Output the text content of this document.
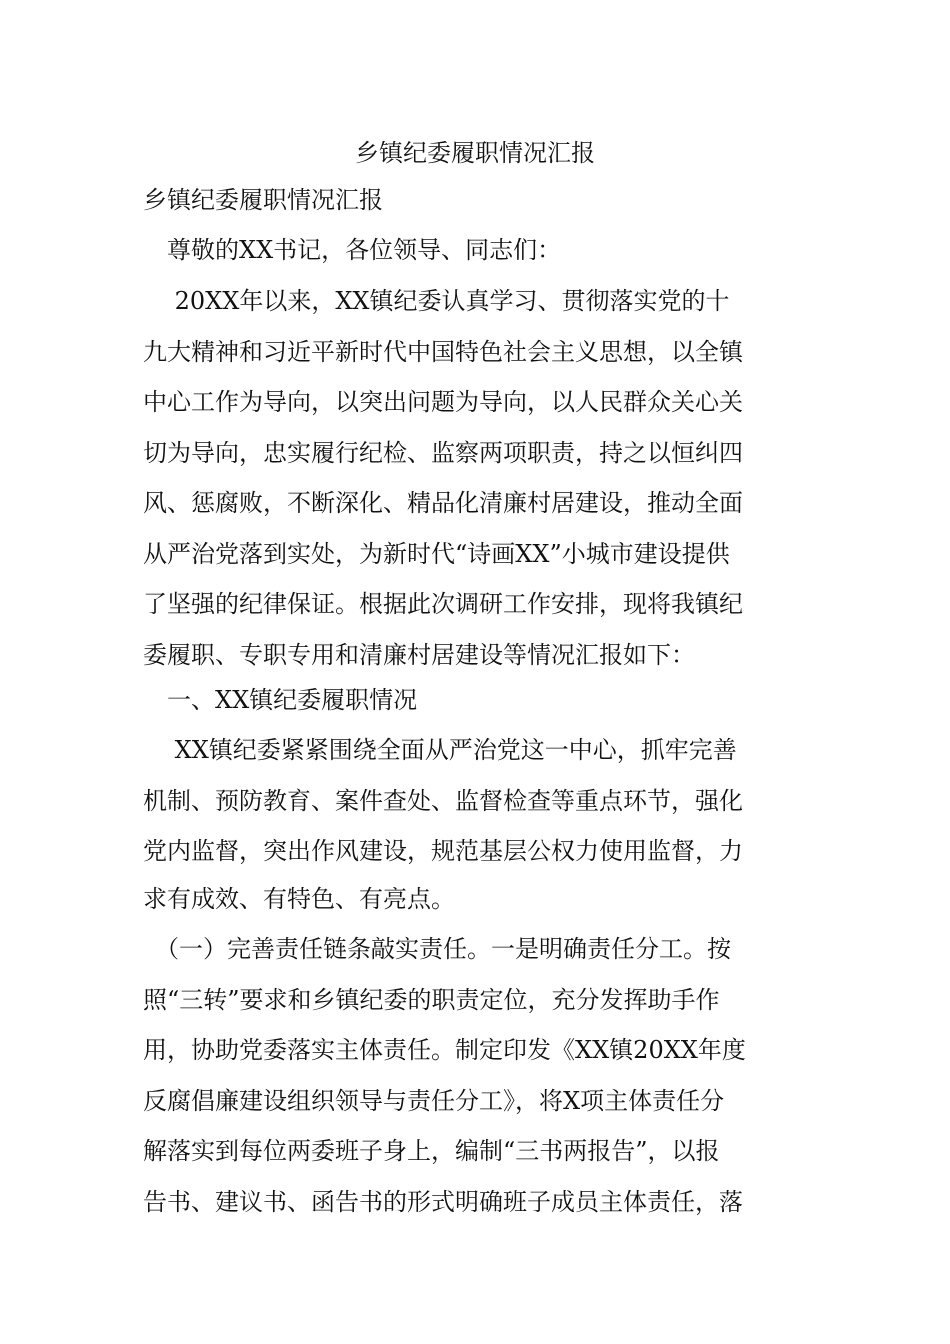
乡镇纪委履职情况汇报
乡镇纪委履职情况汇报
　尊敬的XX书记，各位领导、同志们：
　 20XX年以来，XX镇纪委认真学习、贯彻落实党的十
九大精神和习近平新时代中国特色社会主义思想，以全镇
中心工作为导向，以突出问题为导向，以人民群众关心关
切为导向，忠实履行纪检、监察两项职责，持之以恒纠四
风、惩腐败，不断深化、精品化清廉村居建设，推动全面
从严治党落到实处，为新时代“诗画XX”小城市建设提供
了坚强的纪律保证。根据此次调研工作安排，现将我镇纪
委履职、专职专用和清廉村居建设等情况汇报如下：
　一、XX镇纪委履职情况
　 XX镇纪委紧紧围绕全面从严治党这一中心，抓牢完善
机制、预防教育、案件查处、监督检查等重点环节，强化
党内监督，突出作风建设，规范基层公权力使用监督，力
求有成效、有特色、有亮点。
　（一）完善责任链条敲实责任。一是明确责任分工。按
照“三转”要求和乡镇纪委的职责定位，充分发挥助手作
用，协助党委落实主体责任。制定印发《XX镇20XX年度
反腐倡廉建设组织领导与责任分工》，将X项主体责任分
解落实到每位两委班子身上，编制“三书两报告”，以报
告书、建议书、函告书的形式明确班子成员主体责任，落
